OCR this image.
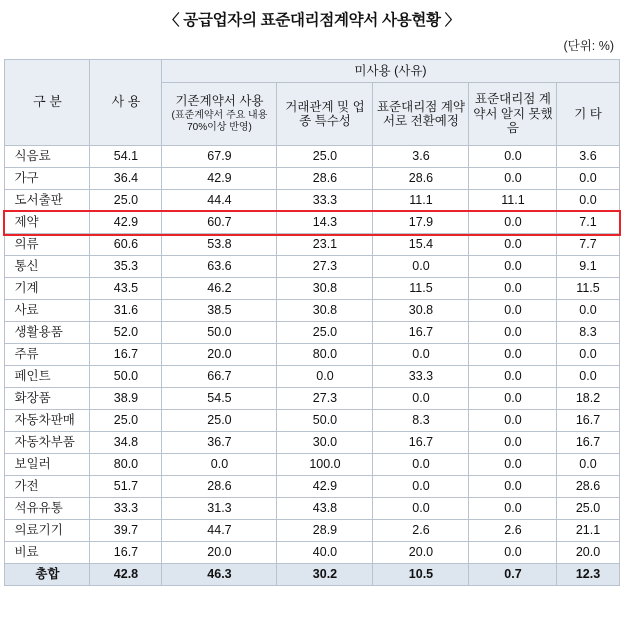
〈 공급업자의 표준대리점계약서 사용현황 〉
(단위: %)
구 분	사 용	미사용 (사유)				
		기존계약서 사용
(표준계약서 주요 내용 70%이상 반영)	거래관계 및 업종 특수성	표준대리점 계약서로 전환예정	표준대리점 계약서 알지 못했음	기 타
식음료	54.1	67.9	25.0	3.6	0.0	3.6
가구	36.4	42.9	28.6	28.6	0.0	0.0
도서출판	25.0	44.4	33.3	11.1	11.1	0.0
제약	42.9	60.7	14.3	17.9	0.0	7.1
의류	60.6	53.8	23.1	15.4	0.0	7.7
통신	35.3	63.6	27.3	0.0	0.0	9.1
기계	43.5	46.2	30.8	11.5	0.0	11.5
사료	31.6	38.5	30.8	30.8	0.0	0.0
생활용품	52.0	50.0	25.0	16.7	0.0	8.3
주류	16.7	20.0	80.0	0.0	0.0	0.0
페인트	50.0	66.7	0.0	33.3	0.0	0.0
화장품	38.9	54.5	27.3	0.0	0.0	18.2
자동차판매	25.0	25.0	50.0	8.3	0.0	16.7
자동차부품	34.8	36.7	30.0	16.7	0.0	16.7
보일러	80.0	0.0	100.0	0.0	0.0	0.0
가전	51.7	28.6	42.9	0.0	0.0	28.6
석유유통	33.3	31.3	43.8	0.0	0.0	25.0
의료기기	39.7	44.7	28.9	2.6	2.6	21.1
비료	16.7	20.0	40.0	20.0	0.0	20.0
총합	42.8	46.3	30.2	10.5	0.7	12.3
